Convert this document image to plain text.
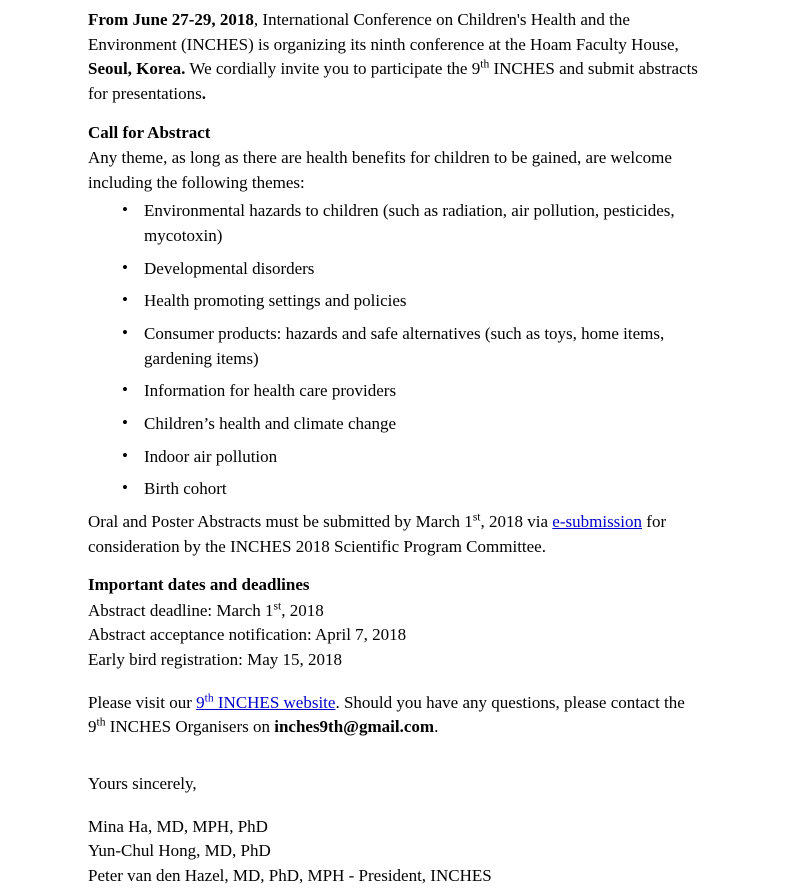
From June 27-29, 2018, International Conference on Children's Health and the Environment (INCHES) is organizing its ninth conference at the Hoam Faculty House, Seoul, Korea. We cordially invite you to participate the 9th INCHES and submit abstracts for presentations.

Call for Abstract

Any theme, as long as there are health benefits for children to be gained, are welcome including the following themes:

• Environmental hazards to children (such as radiation, air pollution, pesticides, mycotoxin)
• Developmental disorders
• Health promoting settings and policies
• Consumer products: hazards and safe alternatives (such as toys, home items, gardening items)
• Information for health care providers
• Children’s health and climate change
• Indoor air pollution
• Birth cohort

Oral and Poster Abstracts must be submitted by March 1st, 2018 via e-submission for consideration by the INCHES 2018 Scientific Program Committee.

Important dates and deadlines

Abstract deadline: March 1st, 2018

Abstract acceptance notification: April 7, 2018

Early bird registration: May 15, 2018

Please visit our 9th INCHES website. Should you have any questions, please contact the 9th INCHES Organisers on inches9th@gmail.com.

Yours sincerely,

Mina Ha, MD, MPH, PhD

Yun-Chul Hong, MD, PhD

Peter van den Hazel, MD, PhD, MPH - President, INCHES
